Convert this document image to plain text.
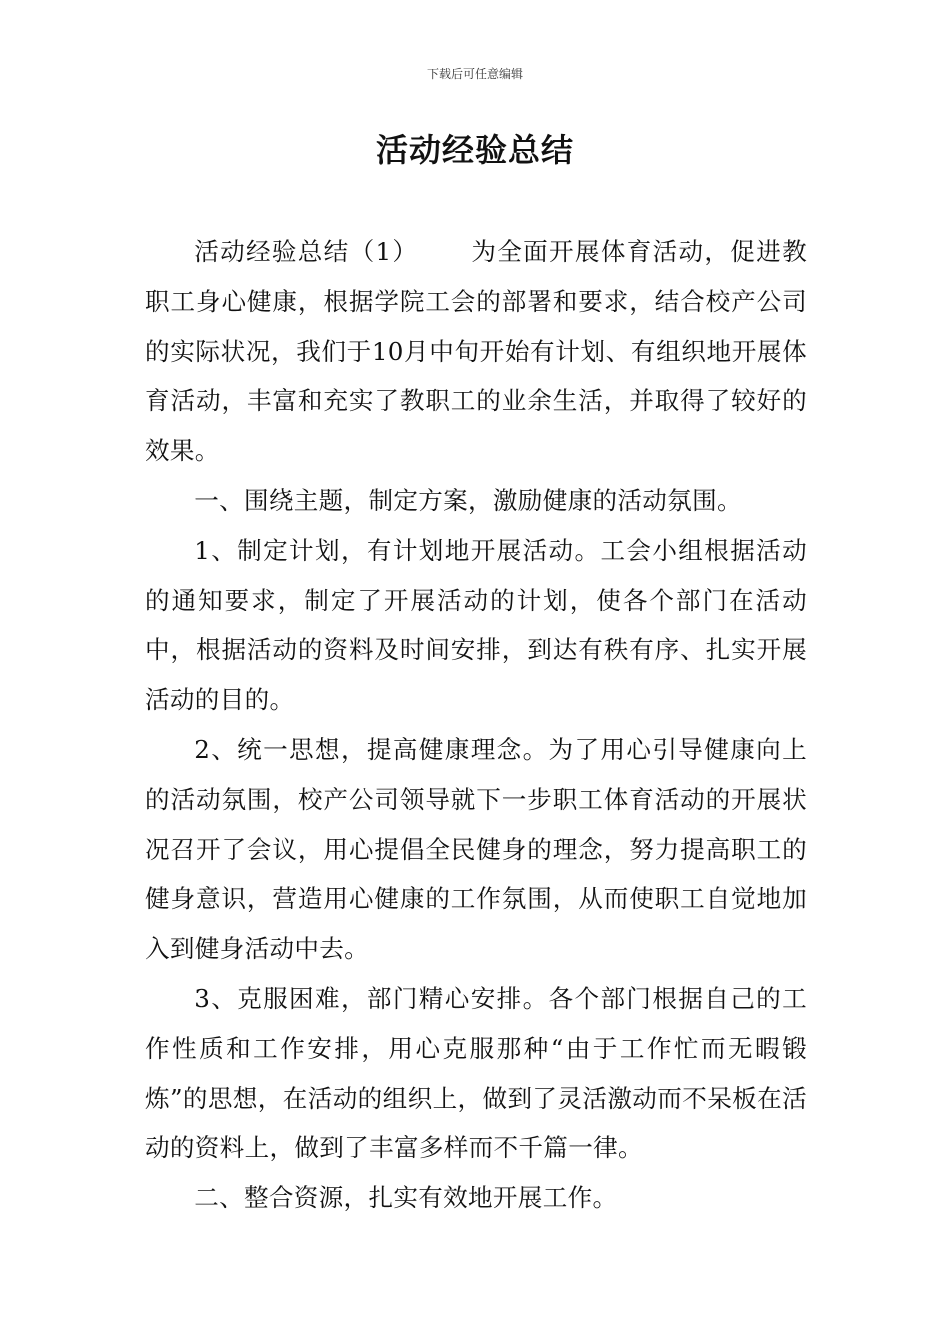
下载后可任意编辑
活动经验总结

活动经验总结（1） 为全面开展体育活动，促进教职工身心健康，根据学院工会的部署和要求，结合校产公司的实际状况，我们于10月中旬开始有计划、有组织地开展体育活动，丰富和充实了教职工的业余生活，并取得了较好的效果。

一、围绕主题，制定方案，激励健康的活动氛围。

1、制定计划，有计划地开展活动。工会小组根据活动的通知要求，制定了开展活动的计划，使各个部门在活动中，根据活动的资料及时间安排，到达有秩有序、扎实开展活动的目的。

2、统一思想，提高健康理念。为了用心引导健康向上的活动氛围，校产公司领导就下一步职工体育活动的开展状况召开了会议，用心提倡全民健身的理念，努力提高职工的健身意识，营造用心健康的工作氛围，从而使职工自觉地加入到健身活动中去。

3、克服困难，部门精心安排。各个部门根据自己的工作性质和工作安排，用心克服那种“由于工作忙而无暇锻炼”的思想，在活动的组织上，做到了灵活激动而不呆板在活动的资料上，做到了丰富多样而不千篇一律。

二、整合资源，扎实有效地开展工作。
